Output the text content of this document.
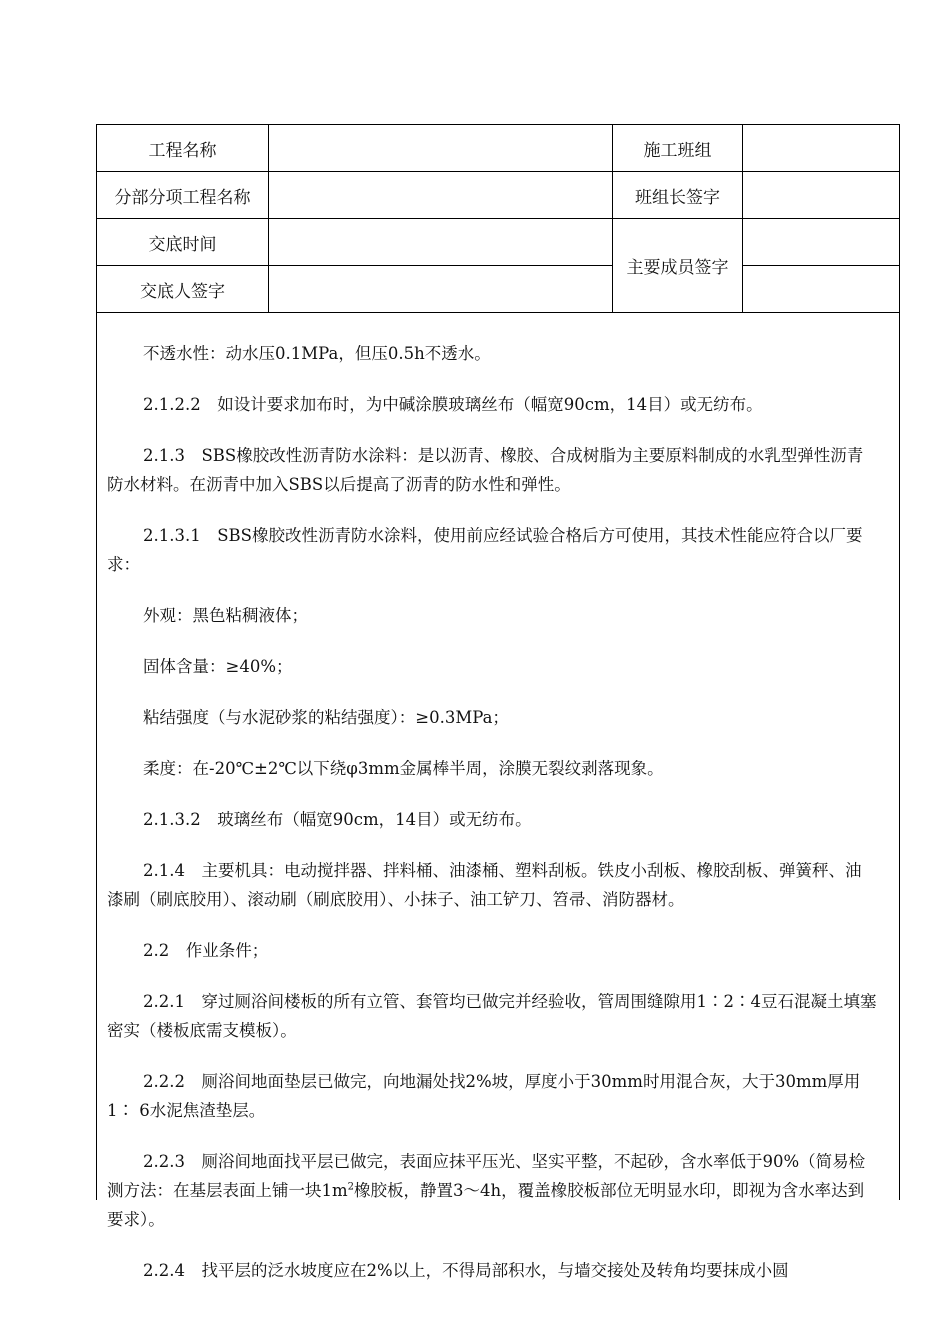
工程名称		施工班组	
分部分项工程名称		班组长签字	
交底时间		主要成员签字	
交底人签字			

不透水性：动水压0.1MPa，但压0.5h不透水。

2.1.2.2　如设计要求加布时，为中碱涂膜玻璃丝布（幅宽90cm，14目）或无纺布。

2.1.3　SBS橡胶改性沥青防水涂料：是以沥青、橡胶、合成树脂为主要原料制成的水乳型弹性沥青防水材料。在沥青中加入SBS以后提高了沥青的防水性和弹性。

2.1.3.1　SBS橡胶改性沥青防水涂料，使用前应经试验合格后方可使用，其技术性能应符合以厂要求：

外观：黑色粘稠液体；

固体含量：≥40%；

粘结强度（与水泥砂浆的粘结强度）：≥0.3MPa；

柔度：在-20℃±2℃以下绕φ3mm金属棒半周，涂膜无裂纹剥落现象。

2.1.3.2　玻璃丝布（幅宽90cm，14目）或无纺布。

2.1.4　主要机具：电动搅拌器、拌料桶、油漆桶、塑料刮板。铁皮小刮板、橡胶刮板、弹簧秤、油漆刷（刷底胶用）、滚动刷（刷底胶用）、小抹子、油工铲刀、笤帚、消防器材。

2.2　作业条件；

2.2.1　穿过厕浴间楼板的所有立管、套管均已做完并经验收，管周围缝隙用1∶2∶4豆石混凝土填塞密实（楼板底需支模板）。

2.2.2　厕浴间地面垫层已做完，向地漏处找2%坡，厚度小于30mm时用混合灰，大于30mm厚用1∶ 6水泥焦渣垫层。

2.2.3　厕浴间地面找平层已做完，表面应抹平压光、坚实平整，不起砂，含水率低于90%（简易检测方法：在基层表面上铺一块$1m^2$橡胶板，静置3～4h，覆盖橡胶板部位无明显水印，即视为含水率达到要求）。

2.2.4　找平层的泛水坡度应在2%以上，不得局部积水，与墙交接处及转角均要抹成小圆
